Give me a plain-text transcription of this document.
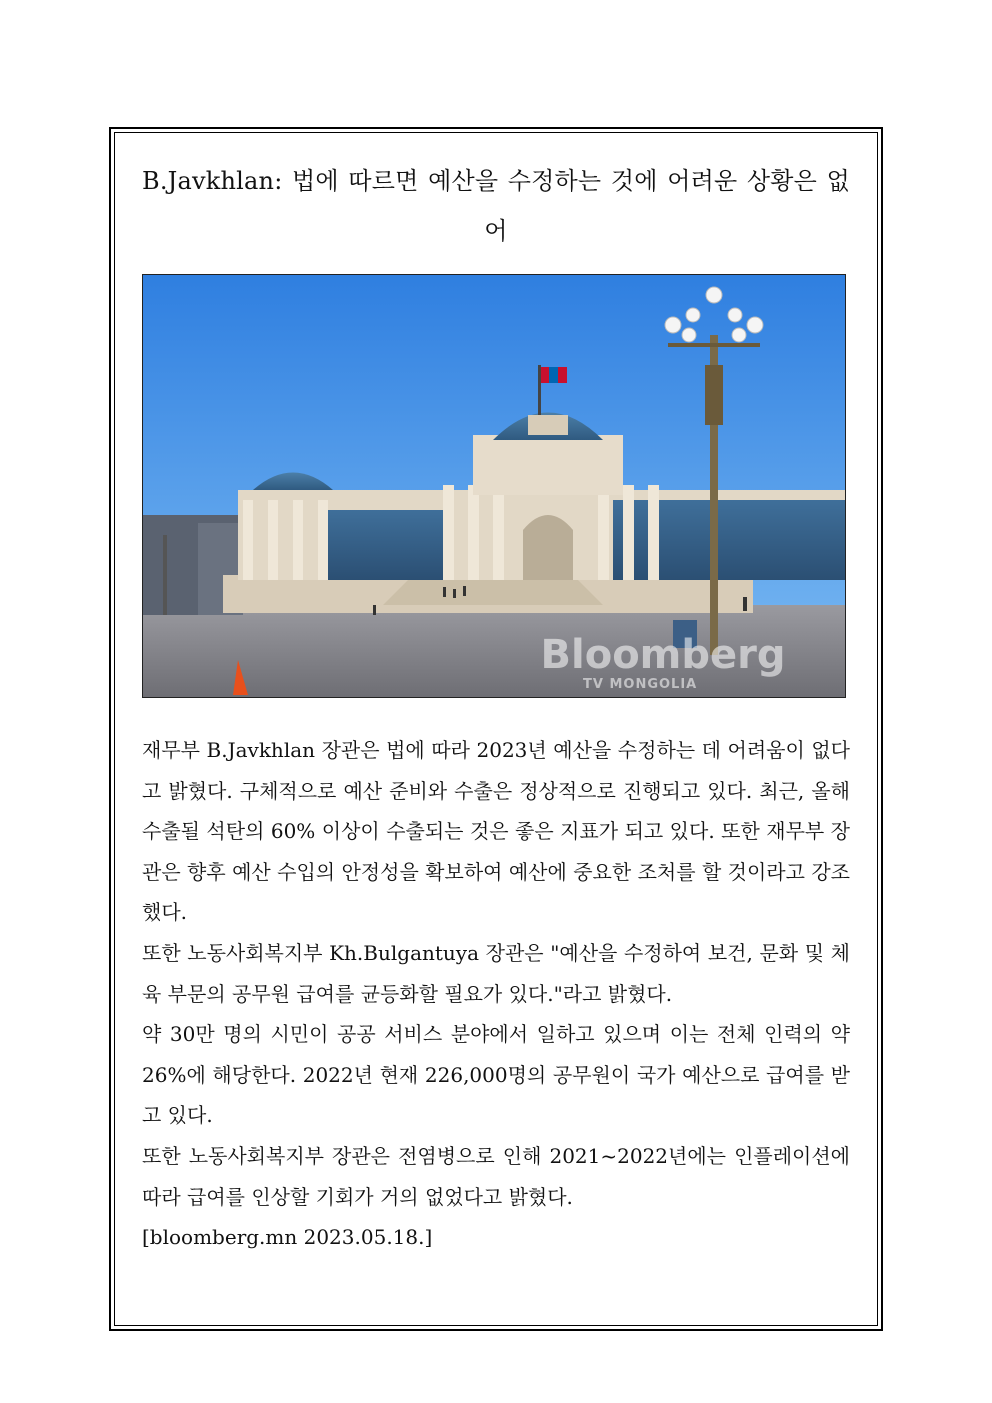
B.Javkhlan: 법에 따르면 예산을 수정하는 것에 어려운 상황은 없어
Bloomberg
TV MONGOLIA

재무부 B.Javkhlan 장관은 법에 따라 2023년 예산을 수정하는 데 어려움이 없다고 밝혔다. 구체적으로 예산 준비와 수출은 정상적으로 진행되고 있다. 최근, 올해 수출될 석탄의 60% 이상이 수출되는 것은 좋은 지표가 되고 있다. 또한 재무부 장관은 향후 예산 수입의 안정성을 확보하여 예산에 중요한 조처를 할 것이라고 강조했다.

또한 노동사회복지부 Kh.Bulgantuya 장관은 "예산을 수정하여 보건, 문화 및 체육 부문의 공무원 급여를 균등화할 필요가 있다."라고 밝혔다.

약 30만 명의 시민이 공공 서비스 분야에서 일하고 있으며 이는 전체 인력의 약 26%에 해당한다. 2022년 현재 226,000명의 공무원이 국가 예산으로 급여를 받고 있다.

또한 노동사회복지부 장관은 전염병으로 인해 2021~2022년에는 인플레이션에 따라 급여를 인상할 기회가 거의 없었다고 밝혔다.

[bloomberg.mn 2023.05.18.]
